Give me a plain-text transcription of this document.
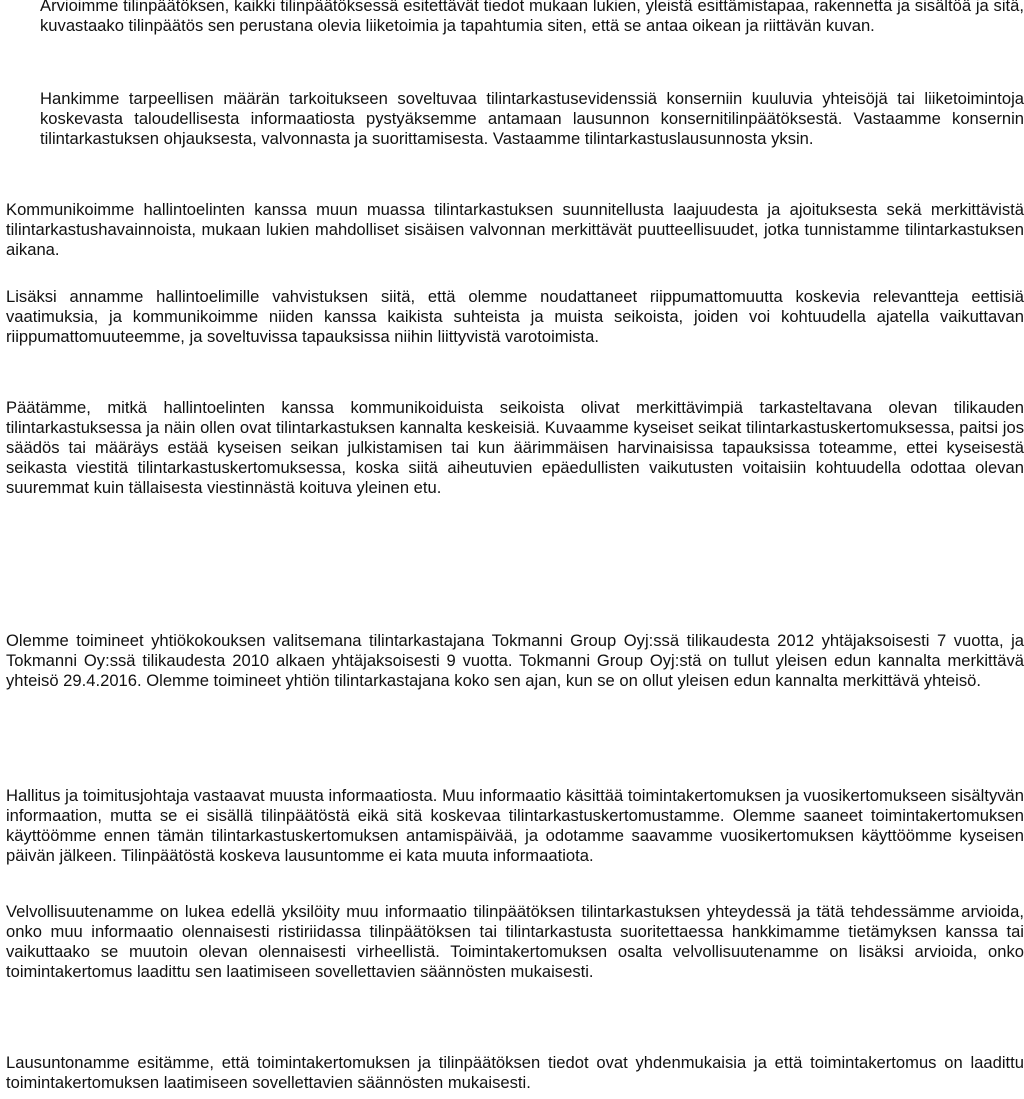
Arvioimme tilinpäätöksen, kaikki tilinpäätöksessä esitettävät tiedot mukaan lukien, yleistä esittämistapaa, rakennetta ja sisältöä ja sitä, kuvastaako tilinpäätös sen perustana olevia liiketoimia ja tapahtumia siten, että se antaa oikean ja riittävän kuvan.

Hankimme tarpeellisen määrän tarkoitukseen soveltuvaa tilintarkastusevidenssiä konserniin kuuluvia yhteisöjä tai liiketoimintoja koskevasta taloudellisesta informaatiosta pystyäksemme antamaan lausunnon konsernitilinpäätöksestä. Vastaamme konsernin tilintarkastuksen ohjauksesta, valvonnasta ja suorittamisesta. Vastaamme tilintarkastuslausunnosta yksin.

Kommunikoimme hallintoelinten kanssa muun muassa tilintarkastuksen suunnitellusta laajuudesta ja ajoituksesta sekä merkittävistä tilintarkastushavainnoista, mukaan lukien mahdolliset sisäisen valvonnan merkittävät puutteellisuudet, jotka tunnistamme tilintarkastuksen aikana.

Lisäksi annamme hallintoelimille vahvistuksen siitä, että olemme noudattaneet riippumattomuutta koskevia relevantteja eettisiä vaatimuksia, ja kommunikoimme niiden kanssa kaikista suhteista ja muista seikoista, joiden voi kohtuudella ajatella vaikuttavan riippumattomuuteemme, ja soveltuvissa tapauksissa niihin liittyvistä varotoimista.

Päätämme, mitkä hallintoelinten kanssa kommunikoiduista seikoista olivat merkittävimpiä tarkasteltavana olevan tilikauden tilintarkastuksessa ja näin ollen ovat tilintarkastuksen kannalta keskeisiä. Kuvaamme kyseiset seikat tilintarkastuskertomuksessa, paitsi jos säädös tai määräys estää kyseisen seikan julkistamisen tai kun äärimmäisen harvinaisissa tapauksissa toteamme, ettei kyseisestä seikasta viestitä tilintarkastuskertomuksessa, koska siitä aiheutuvien epäedullisten vaikutusten voitaisiin kohtuudella odottaa olevan suuremmat kuin tällaisesta viestinnästä koituva yleinen etu.

Olemme toimineet yhtiökokouksen valitsemana tilintarkastajana Tokmanni Group Oyj:ssä tilikaudesta 2012 yhtäjaksoisesti 7 vuotta, ja Tokmanni Oy:ssä tilikaudesta 2010 alkaen yhtäjaksoisesti 9 vuotta. Tokmanni Group Oyj:stä on tullut yleisen edun kannalta merkittävä yhteisö 29.4.2016. Olemme toimineet yhtiön tilintarkastajana koko sen ajan, kun se on ollut yleisen edun kannalta merkittävä yhteisö.

Hallitus ja toimitusjohtaja vastaavat muusta informaatiosta. Muu informaatio käsittää toimintakertomuksen ja vuosikertomukseen sisältyvän informaation, mutta se ei sisällä tilinpäätöstä eikä sitä koskevaa tilintarkastuskertomustamme. Olemme saaneet toimintakertomuksen käyttöömme ennen tämän tilintarkastuskertomuksen antamispäivää, ja odotamme saavamme vuosikertomuksen käyttöömme kyseisen päivän jälkeen. Tilinpäätöstä koskeva lausuntomme ei kata muuta informaatiota.

Velvollisuutenamme on lukea edellä yksilöity muu informaatio tilinpäätöksen tilintarkastuksen yhteydessä ja tätä tehdessämme arvioida, onko muu informaatio olennaisesti ristiriidassa tilinpäätöksen tai tilintarkastusta suoritettaessa hankkimamme tietämyksen kanssa tai vaikuttaako se muutoin olevan olennaisesti virheellistä. Toimintakertomuksen osalta velvollisuutenamme on lisäksi arvioida, onko toimintakertomus laadittu sen laatimiseen sovellettavien säännösten mukaisesti.

Lausuntonamme esitämme, että toimintakertomuksen ja tilinpäätöksen tiedot ovat yhdenmukaisia ja että toimintakertomus on laadittu toimintakertomuksen laatimiseen sovellettavien säännösten mukaisesti.
